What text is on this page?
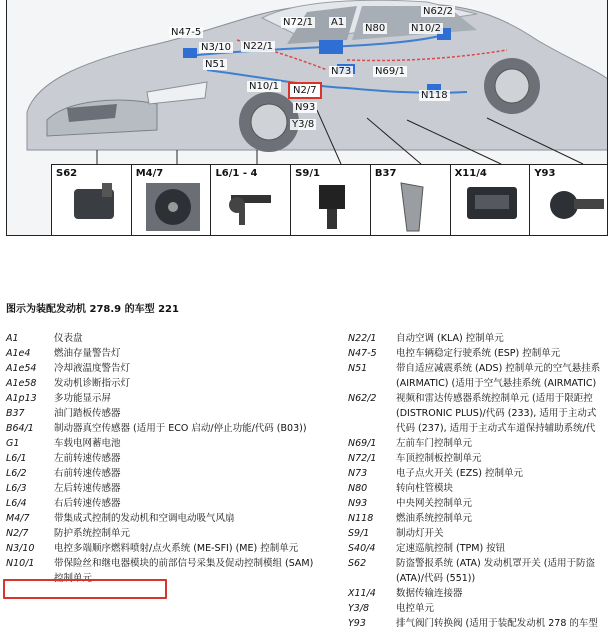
N47-5
N3/10 N22/1
N72/1 A1
N80
N62/2
N10/2
N51
N73 N69/1
N10/1	N2/7
N93
N118
Y3/8
S62	M4/7	L6/1 - 4	S9/1	B37	X11/4	Y93
图示为装配发动机 278.9 的车型 221
A1	仪表盘
A1e4	燃油存量警告灯
A1e54	冷却液温度警告灯
A1e58	发动机诊断指示灯
A1p13	多功能显示屏
B37	油门踏板传感器
B64/1	制动器真空传感器 (适用于 ECO 启动/停止功能/代码 (B03))
G1	车载电网蓄电池
L6/1	左前转速传感器
L6/2	右前转速传感器
L6/3	左后转速传感器
L6/4	右后转速传感器
M4/7	带集成式控制的发动机和空调电动吸气风扇
N2/7	防护系统控制单元
N3/10	电控多端顺序燃料喷射/点火系统 (ME-SFI) (ME) 控制单元
N10/1	带保险丝和继电器模块的前部信号采集及促动控制模组 (SAM)
控制单元
N22/1	自动空调 (KLA) 控制单元
N47-5	电控车辆稳定行驶系统 (ESP) 控制单元
N51	带自适应减震系统 (ADS) 控制单元的空气悬挂系
(AIRMATIC) (适用于空气悬挂系统 (AIRMATIC)
N62/2	视频和雷达传感器系统控制单元 (适用于限距控
(DISTRONIC PLUS)/代码 (233), 适用于主动式
代码 (237), 适用于主动式车道保持辅助系统/代
N69/1	左前车门控制单元
N72/1	车顶控制板控制单元
N73	电子点火开关 (EZS) 控制单元
N80	转向柱管模块
N93	中央网关控制单元
N118	燃油系统控制单元
S9/1	制动灯开关
S40/4	定速巡航控制 (TPM) 按钮
S62	防盗警报系统 (ATA) 发动机罩开关 (适用于防盗
(ATA)/代码 (551))
X11/4	数据传输连接器
Y3/8	电控单元
Y93	排气阀门转换阀 (适用于装配发动机 278 的车型
